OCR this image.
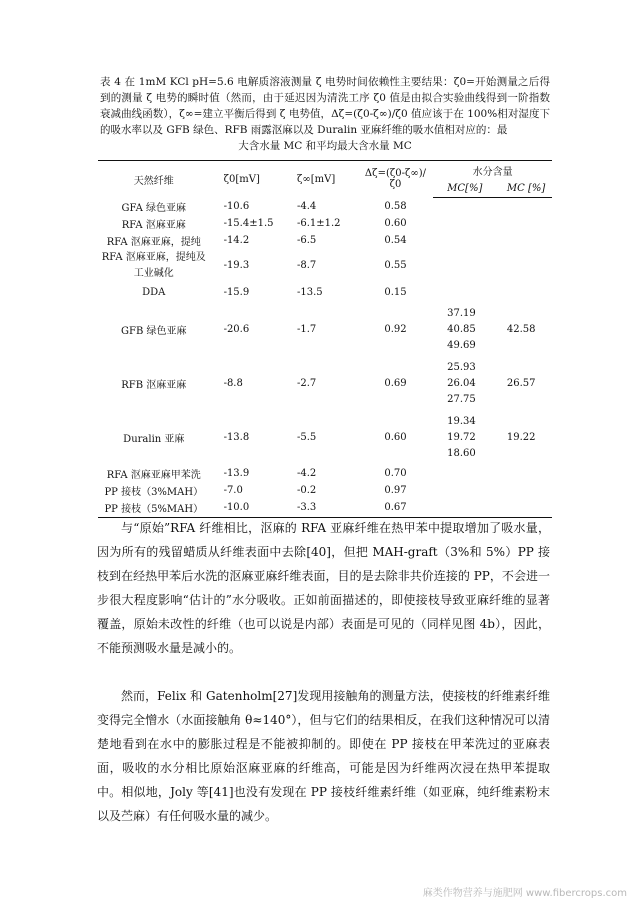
表 4 在 1mM KCl pH=5.6 电解质溶液测量 ζ 电势时间依赖性主要结果：ζ0=开始测量之后得到的测量 ζ 电势的瞬时值（然而，由于延迟因为清洗工序 ζ0 值是由拟合实验曲线得到一阶指数衰减曲线函数），ζ∞=建立平衡后得到 ζ 电势值，Δζ=(ζ0-ζ∞)/ζ0 值应该于在 100%相对湿度下的吸水率以及 GFB 绿色、RFB 雨露沤麻以及 Duralin 亚麻纤维的吸水值相对应的：最
大含水量 MC 和平均最大含水量 MC

天然纤维	ζ0[mV]	ζ∞[mV]	Δζ=(ζ0-ζ∞)/ζ0	水分含量	
				MC[%]	MC [%]
GFA 绿色亚麻	-10.6	-4.4	0.58		
RFA 沤麻亚麻	-15.4±1.5	-6.1±1.2	0.60		
RFA 沤麻亚麻，提纯	-14.2	-6.5	0.54		
RFA 沤麻亚麻，提纯及工业碱化	-19.3	-8.7	0.55		
DDA	-15.9	-13.5	0.15		
GFB 绿色亚麻	-20.6	-1.7	0.92	37.19 40.85 49.69	42.58
RFB 沤麻亚麻	-8.8	-2.7	0.69	25.93 26.04 27.75	26.57
Duralin 亚麻	-13.8	-5.5	0.60	19.34 19.72 18.60	19.22
RFA 沤麻亚麻甲苯洗	-13.9	-4.2	0.70		
PP 接枝（3%MAH）	-7.0	-0.2	0.97		
PP 接枝（5%MAH）	-10.0	-3.3	0.67		

与“原始”RFA 纤维相比，沤麻的 RFA 亚麻纤维在热甲苯中提取增加了吸水量，因为所有的残留蜡质从纤维表面中去除[40]，但把 MAH-graft（3%和 5%）PP 接枝到在经热甲苯后水洗的沤麻亚麻纤维表面，目的是去除非共价连接的 PP，不会进一步很大程度影响“估计的”水分吸收。正如前面描述的，即使接枝导致亚麻纤维的显著覆盖，原始未改性的纤维（也可以说是内部）表面是可见的（同样见图 4b），因此，不能预测吸水量是减小的。

然而，Felix 和 Gatenholm[27]发现用接触角的测量方法，使接枝的纤维素纤维变得完全憎水（水面接触角 θ≈140°），但与它们的结果相反，在我们这种情况可以清楚地看到在水中的膨胀过程是不能被抑制的。即使在 PP 接枝在甲苯洗过的亚麻表面，吸收的水分相比原始沤麻亚麻的纤维高，可能是因为纤维两次浸在热甲苯提取中。相似地，Joly 等[41]也没有发现在 PP 接枝纤维素纤维（如亚麻，纯纤维素粉末以及苎麻）有任何吸水量的减少。

麻类作物营养与施肥网 www.fibercrops.com
